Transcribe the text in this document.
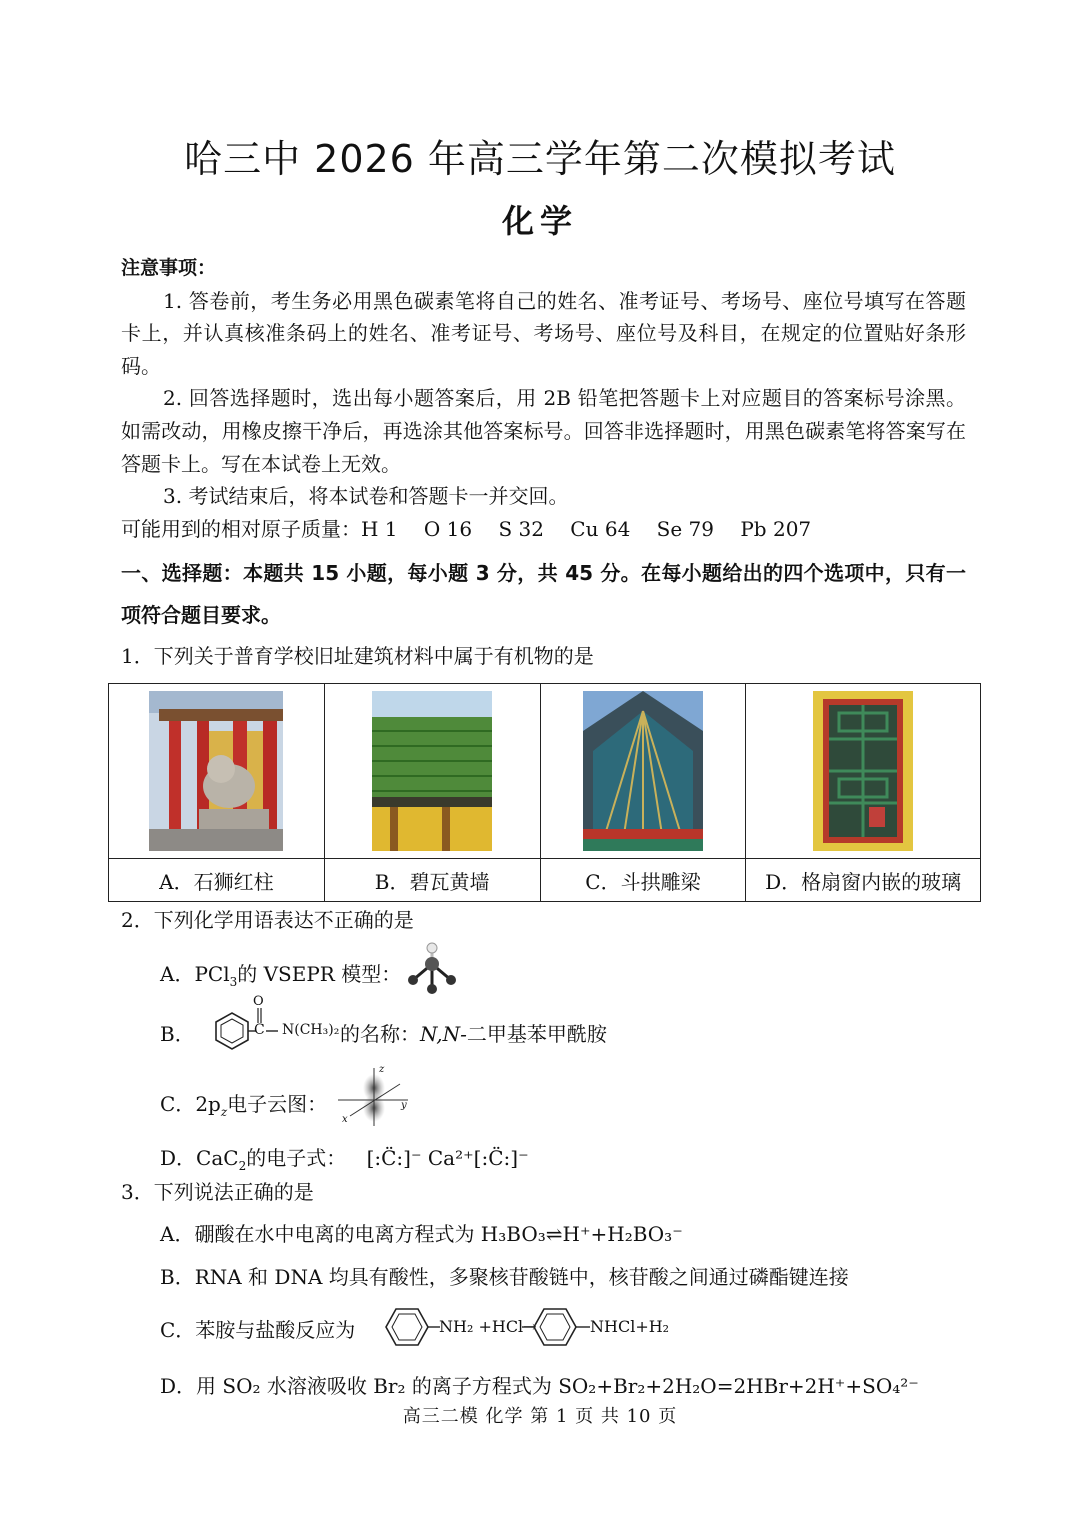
哈三中 2026 年高三学年第二次模拟考试
化学
注意事项：
1. 答卷前，考生务必用黑色碳素笔将自己的姓名、准考证号、考场号、座位号填写在答题卡上，并认真核准条码上的姓名、准考证号、考场号、座位号及科目，在规定的位置贴好条形码。
2. 回答选择题时，选出每小题答案后，用 2B 铅笔把答题卡上对应题目的答案标号涂黑。如需改动，用橡皮擦干净后，再选涂其他答案标号。回答非选择题时，用黑色碳素笔将答案写在答题卡上。写在本试卷上无效。
3. 考试结束后，将本试卷和答题卡一并交回。
可能用到的相对原子质量：H 1　 O 16　 S 32　 Cu 64　 Se 79　 Pb 207
一、选择题：本题共 15 小题，每小题 3 分，共 45 分。在每小题给出的四个选项中，只有一项符合题目要求。
1．下列关于普育学校旧址建筑材料中属于有机物的是

A．石狮红柱	B．碧瓦黄墙	C．斗拱雕梁	D．格扇窗内嵌的玻璃
2．下列化学用语表达不正确的是
A．PCl$_3$的 VSEPR 模型：
B．
O
C N(CH₃)₂ 的名称：N,N-二甲基苯甲酰胺
C．$2p_z$电子云图：
z
y
x
D．CaC$_2$的电子式： [:C̈:]⁻ Ca²⁺[:C̈:]⁻
3．下列说法正确的是
A．硼酸在水中电离的电离方程式为 H₃BO₃⇌H⁺+H₂BO₃⁻
B．RNA 和 DNA 均具有酸性，多聚核苷酸链中，核苷酸之间通过磷酯键连接
C．苯胺与盐酸反应为	NH₂ +HCl→	NHCl+H₂
D．用 SO₂ 水溶液吸收 Br₂ 的离子方程式为 SO₂+Br₂+2H₂O=2HBr+2H⁺+SO₄²⁻
高三二模 化学 第 1 页 共 10 页
